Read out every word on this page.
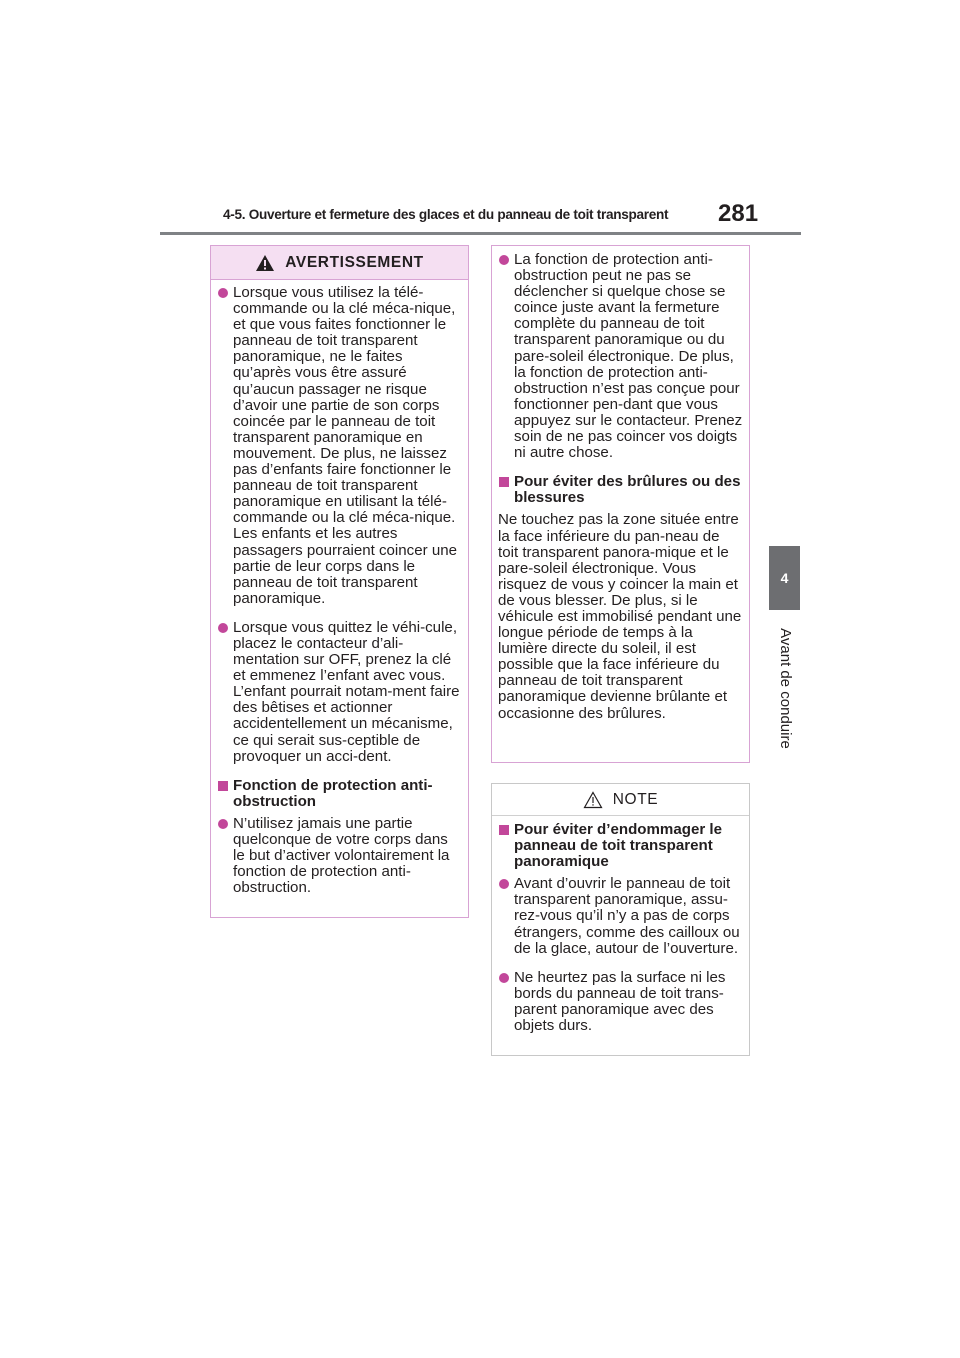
4-5. Ouverture et fermeture des glaces et du panneau de toit transparent 281
4
Avant de conduire
AVERTISSEMENT
Lorsque vous utilisez la télé-commande ou la clé méca-nique, et que vous faites fonctionner le panneau de toit transparent panoramique, ne le faites qu’après vous être assuré qu’aucun passager ne risque d’avoir une partie de son corps coincée par le panneau de toit transparent panoramique en mouvement. De plus, ne laissez pas d’enfants faire fonctionner le panneau de toit transparent panoramique en utilisant la télé-commande ou la clé méca-nique. Les enfants et les autres passagers pourraient coincer une partie de leur corps dans le panneau de toit transparent panoramique.
Lorsque vous quittez le véhi-cule, placez le contacteur d’ali-mentation sur OFF, prenez la clé et emmenez l’enfant avec vous. L’enfant pourrait notam-ment faire des bêtises et actionner accidentellement un mécanisme, ce qui serait sus-ceptible de provoquer un acci-dent.
Fonction de protection anti-obstruction
N’utilisez jamais une partie quelconque de votre corps dans le but d’activer volontairement la fonction de protection anti-obstruction.
La fonction de protection anti-obstruction peut ne pas se déclencher si quelque chose se coince juste avant la fermeture complète du panneau de toit transparent panoramique ou du pare-soleil électronique. De plus, la fonction de protection anti-obstruction n’est pas conçue pour fonctionner pen-dant que vous appuyez sur le contacteur. Prenez soin de ne pas coincer vos doigts ni autre chose.
Pour éviter des brûlures ou des blessures
Ne touchez pas la zone située entre la face inférieure du pan-neau de toit transparent panora-mique et le pare-soleil électronique. Vous risquez de vous y coincer la main et de vous blesser. De plus, si le véhicule est immobilisé pendant une longue période de temps à la lumière directe du soleil, il est possible que la face inférieure du panneau de toit transparent panoramique devienne brûlante et occasionne des brûlures.
NOTE
Pour éviter d’endommager le panneau de toit transparent panoramique
Avant d’ouvrir le panneau de toit transparent panoramique, assu-rez-vous qu’il n’y a pas de corps étrangers, comme des cailloux ou de la glace, autour de l’ouverture.
Ne heurtez pas la surface ni les bords du panneau de toit trans-parent panoramique avec des objets durs.
